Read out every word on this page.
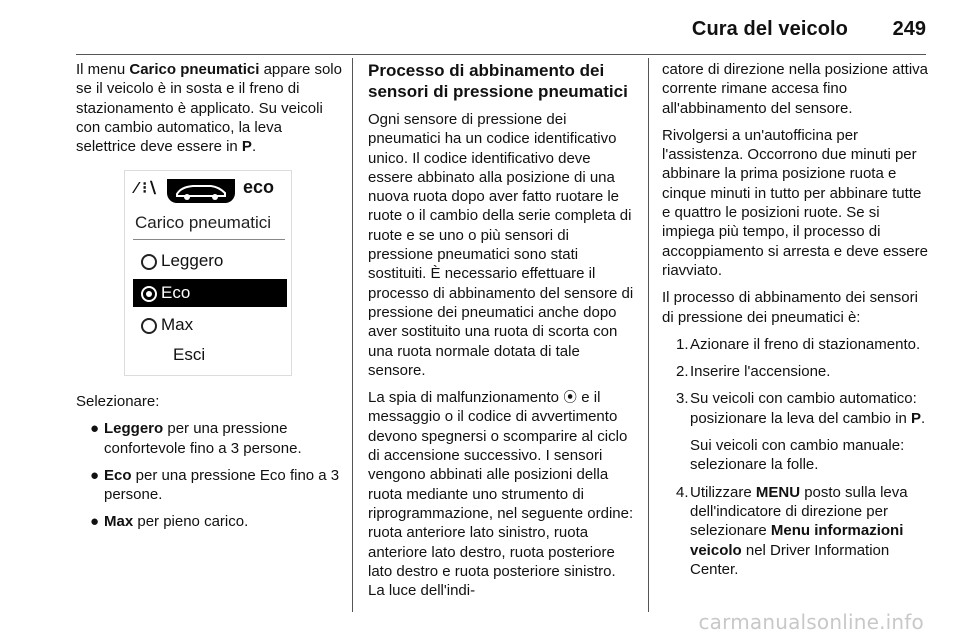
Cura del veicolo 249

Il menu Carico pneumatici appare solo se il veicolo è in sosta e il freno di stazionamento è applicato. Su veicoli con cambio automatico, la leva selettrice deve essere in P.

⁄ ⁝∖	eco
Carico pneumatici
Leggero
Eco
Max
Esci

Selezionare:

● Leggero per una pressione confortevole fino a 3 persone.
● Eco per una pressione Eco fino a 3 persone.
● Max per pieno carico.
Processo di abbinamento dei sensori di pressione pneumatici

Ogni sensore di pressione dei pneumatici ha un codice identificativo unico. Il codice identificativo deve essere abbinato alla posizione di una nuova ruota dopo aver fatto ruotare le ruote o il cambio della serie completa di ruote e se uno o più sensori di pressione pneumatici sono stati sostituiti. È necessario effettuare il processo di abbinamento del sensore di pressione dei pneumatici anche dopo aver sostituito una ruota di scorta con una ruota normale dotata di tale sensore.

La spia di malfunzionamento ⦿ e il messaggio o il codice di avvertimento devono spegnersi o scomparire al ciclo di accensione successivo. I sensori vengono abbinati alle posizioni della ruota mediante uno strumento di riprogrammazione, nel seguente ordine: ruota anteriore lato sinistro, ruota anteriore lato destro, ruota posteriore lato destro e ruota posteriore sinistro. La luce dell'indi-

catore di direzione nella posizione attiva corrente rimane accesa fino all'abbinamento del sensore.

Rivolgersi a un'autofficina per l'assistenza. Occorrono due minuti per abbinare la prima posizione ruota e cinque minuti in tutto per abbinare tutte e quattro le posizioni ruote. Se si impiega più tempo, il processo di accoppiamento si arresta e deve essere riavviato.

Il processo di abbinamento dei sensori di pressione dei pneumatici è:

1. Azionare il freno di stazionamento.
2. Inserire l'accensione.
3. Su veicoli con cambio automatico: posizionare la leva del cambio in P.
Sui veicoli con cambio manuale: selezionare la folle.
4. Utilizzare MENU posto sulla leva dell'indicatore di direzione per selezionare Menu informazioni veicolo nel Driver Information Center.
carmanualsonline.info
